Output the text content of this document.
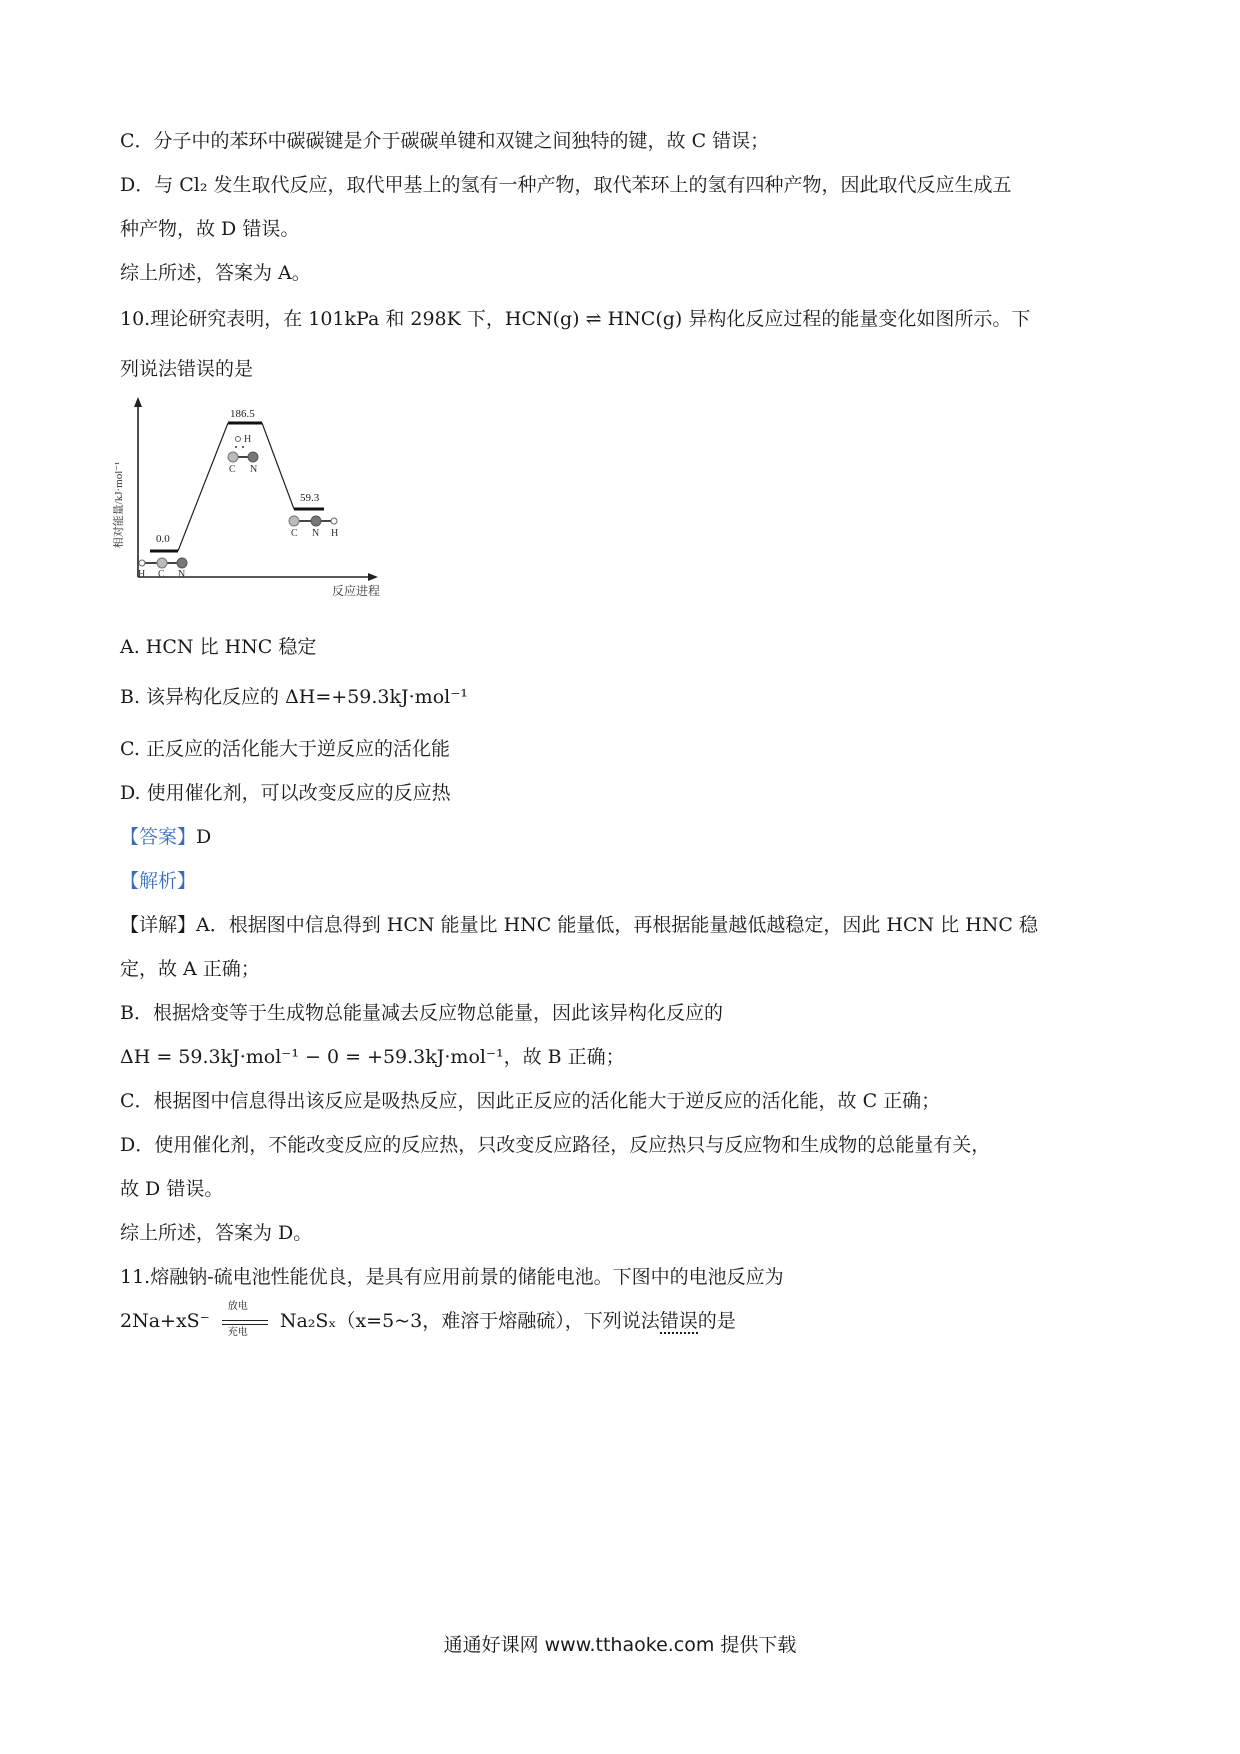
C．分子中的苯环中碳碳键是介于碳碳单键和双键之间独特的键，故 C 错误；
D．与 Cl₂ 发生取代反应，取代甲基上的氢有一种产物，取代苯环上的氢有四种产物，因此取代反应生成五
种产物，故 D 错误。
综上所述，答案为 A。
10.理论研究表明，在 101kPa 和 298K 下，HCN(g) ⇌ HNC(g) 异构化反应过程的能量变化如图所示。下
列说法错误的是
相对能量/kJ·mol⁻¹
反应进程
0.0
186.5
59.3
H C N
H
C N
C N H
A. HCN 比 HNC 稳定
B. 该异构化反应的 ΔH=+59.3kJ·mol⁻¹
C. 正反应的活化能大于逆反应的活化能
D. 使用催化剂，可以改变反应的反应热
【答案】D
【解析】
【详解】A．根据图中信息得到 HCN 能量比 HNC 能量低，再根据能量越低越稳定，因此 HCN 比 HNC 稳
定，故 A 正确；
B．根据焓变等于生成物总能量减去反应物总能量，因此该异构化反应的
ΔH = 59.3kJ·mol⁻¹ − 0 = +59.3kJ·mol⁻¹，故 B 正确；
C．根据图中信息得出该反应是吸热反应，因此正反应的活化能大于逆反应的活化能，故 C 正确；
D．使用催化剂，不能改变反应的反应热，只改变反应路径，反应热只与反应物和生成物的总能量有关，
故 D 错误。
综上所述，答案为 D。
11.熔融钠-硫电池性能优良，是具有应用前景的储能电池。下图中的电池反应为
2Na+xS⁻
放电
充电
Na₂Sₓ（x=5~3，难溶于熔融硫），下列说法错误的是
通通好课网 www.tthaoke.com 提供下载
